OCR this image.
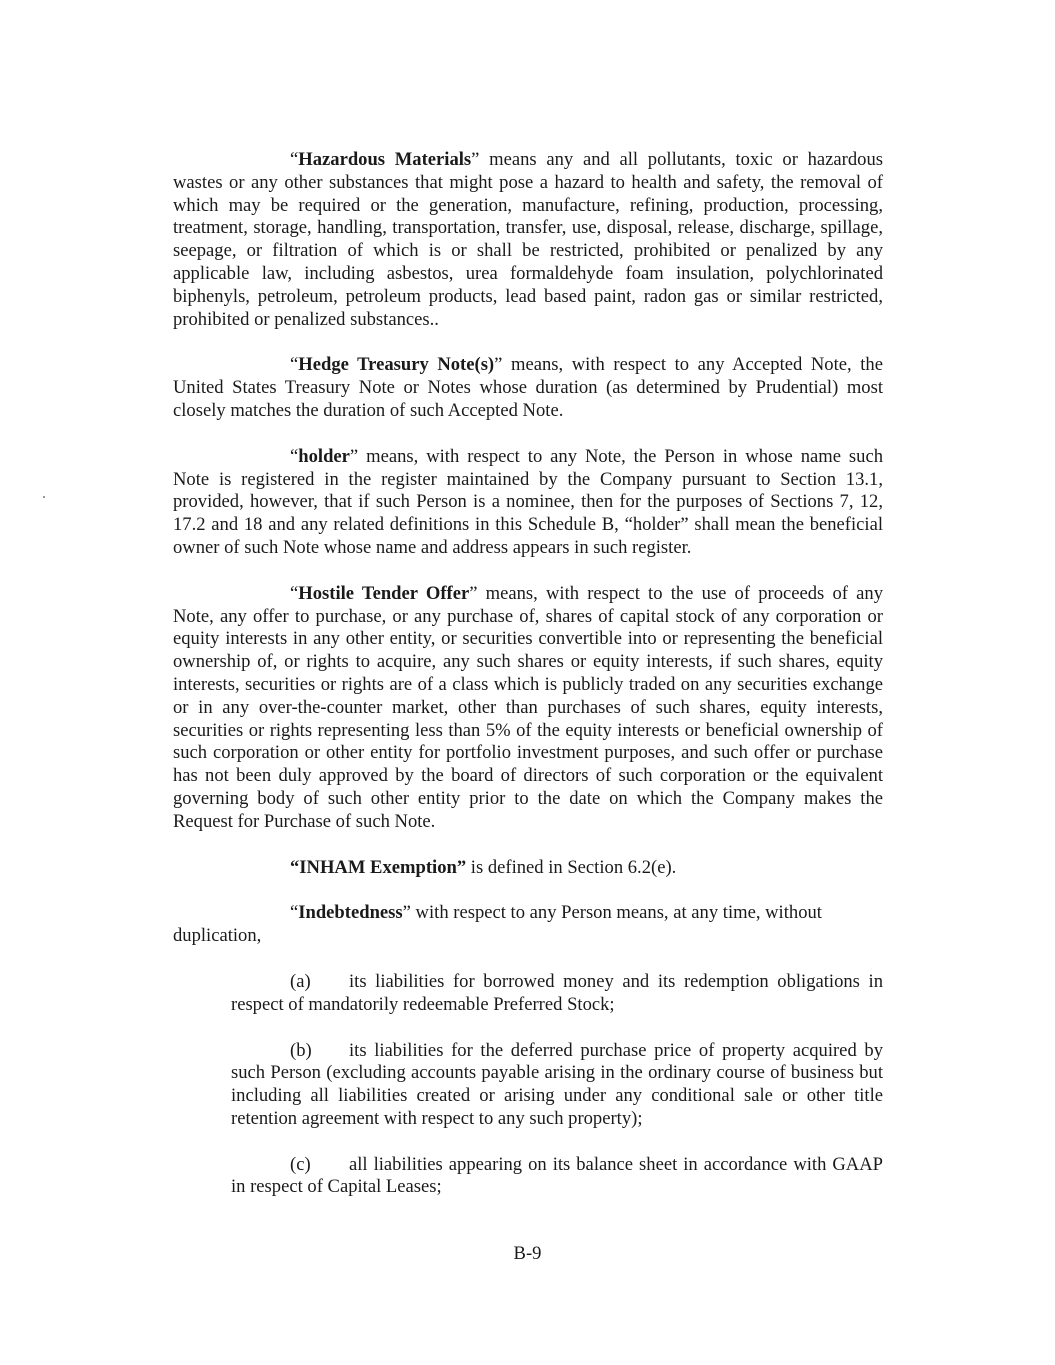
“Hazardous Materials” means any and all pollutants, toxic or hazardous wastes or any other substances that might pose a hazard to health and safety, the removal of which may be required or the generation, manufacture, refining, production, processing, treatment, storage, handling, transportation, transfer, use, disposal, release, discharge, spillage, seepage, or filtration of which is or shall be restricted, prohibited or penalized by any applicable law, including asbestos, urea formaldehyde foam insulation, polychlorinated biphenyls, petroleum, petroleum products, lead based paint, radon gas or similar restricted, prohibited or penalized substances..

“Hedge Treasury Note(s)” means, with respect to any Accepted Note, the United States Treasury Note or Notes whose duration (as determined by Prudential) most closely matches the duration of such Accepted Note.

“holder” means, with respect to any Note, the Person in whose name such Note is registered in the register maintained by the Company pursuant to Section 13.1, provided, however, that if such Person is a nominee, then for the purposes of Sections 7, 12, 17.2 and 18 and any related definitions in this Schedule B, “holder” shall mean the beneficial owner of such Note whose name and address appears in such register.

“Hostile Tender Offer” means, with respect to the use of proceeds of any Note, any offer to purchase, or any purchase of, shares of capital stock of any corporation or equity interests in any other entity, or securities convertible into or representing the beneficial ownership of, or rights to acquire, any such shares or equity interests, if such shares, equity interests, securities or rights are of a class which is publicly traded on any securities exchange or in any over-the-counter market, other than purchases of such shares, equity interests, securities or rights representing less than 5% of the equity interests or beneficial ownership of such corporation or other entity for portfolio investment purposes, and such offer or purchase has not been duly approved by the board of directors of such corporation or the equivalent governing body of such other entity prior to the date on which the Company makes the Request for Purchase of such Note.

“INHAM Exemption” is defined in Section 6.2(e).

duplication,
“Indebtedness” with respect to any Person means, at any time, without

(a) its liabilities for borrowed money and its redemption obligations in respect of mandatorily redeemable Preferred Stock;

(b) its liabilities for the deferred purchase price of property acquired by such Person (excluding accounts payable arising in the ordinary course of business but including all liabilities created or arising under any conditional sale or other title retention agreement with respect to any such property);

(c) all liabilities appearing on its balance sheet in accordance with GAAP in respect of Capital Leases;

B-9
